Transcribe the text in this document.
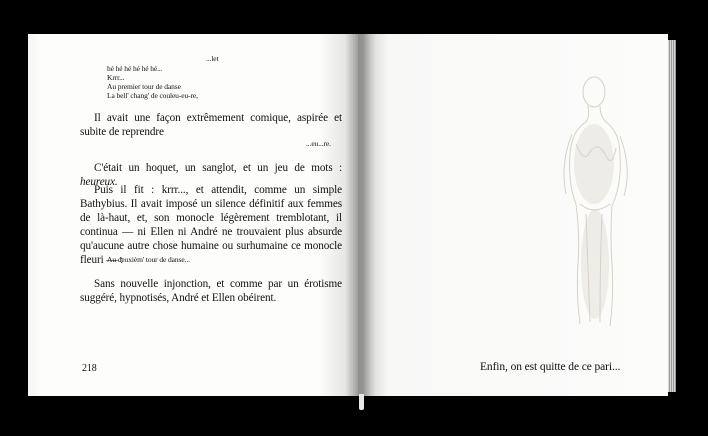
...let
hé hé hé hé hé hé...
Krrr...
Au premier tour de danse
La bell' chang' de couleu-eu-re,
Il avait une façon extrêmement comique, aspirée et subite de reprendre
...eu...re.
C'était un hoquet, un sanglot, et un jeu de mots : heureux.
Puis il fit : krrr..., et attendit, comme un simple Bathybius. Il avait imposé un silence définitif aux femmes de là-haut, et, son monocle légèrement tremblotant, il continua — ni Ellen ni André ne trouvaient plus absurde qu'aucune autre chose humaine ou surhumaine ce monocle fleuri — :
Au deuxièm' tour de danse...
Sans nouvelle injonction, et comme par un érotisme suggéré, hypnotisés, André et Ellen obéirent.
218	Enfin, on est quitte de ce pari...
